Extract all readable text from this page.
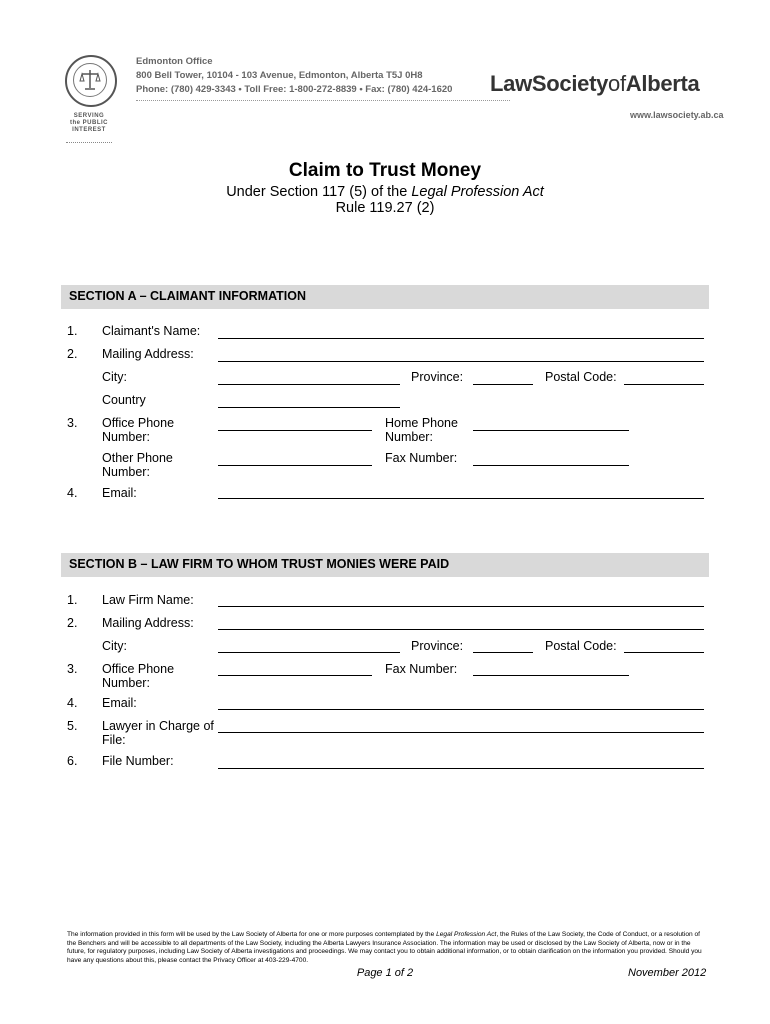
SERVING
the PUBLIC
INTEREST
Edmonton Office
800 Bell Tower, 10104 - 103 Avenue, Edmonton, Alberta T5J 0H8
Phone: (780) 429-3343 • Toll Free: 1-800-272-8839 • Fax: (780) 424-1620 LawSocietyofAlberta
www.lawsociety.ab.ca
Claim to Trust Money
Under Section 117 (5) of the Legal Profession Act
Rule 119.27 (2)
SECTION A – CLAIMANT INFORMATION
1. Claimant's Name:
2. Mailing Address:
City:	Province:	Postal Code:
Country
3. Office Phone
Number:
Home Phone
Number:
Other Phone
Number:
Fax Number:
4. Email:
SECTION B – LAW FIRM TO WHOM TRUST MONIES WERE PAID
1. Law Firm Name:
2. Mailing Address:
City:	Province:	Postal Code:
3. Office Phone
Number:
Fax Number:
4. Email:
5. Lawyer in Charge of
File:
6. File Number:
The information provided in this form will be used by the Law Society of Alberta for one or more purposes contemplated by the Legal Profession Act, the Rules of the Law Society, the Code of Conduct, or a resolution of the Benchers and will be accessible to all departments of the Law Society, including the Alberta Lawyers Insurance Association. The information may be used or disclosed by the Law Society of Alberta, now or in the future, for regulatory purposes, including Law Society of Alberta investigations and proceedings. We may contact you to obtain additional information, or to obtain clarification on the information you provided. Should you have any questions about this, please contact the Privacy Officer at 403-229-4700.
Page 1 of 2	November 2012
